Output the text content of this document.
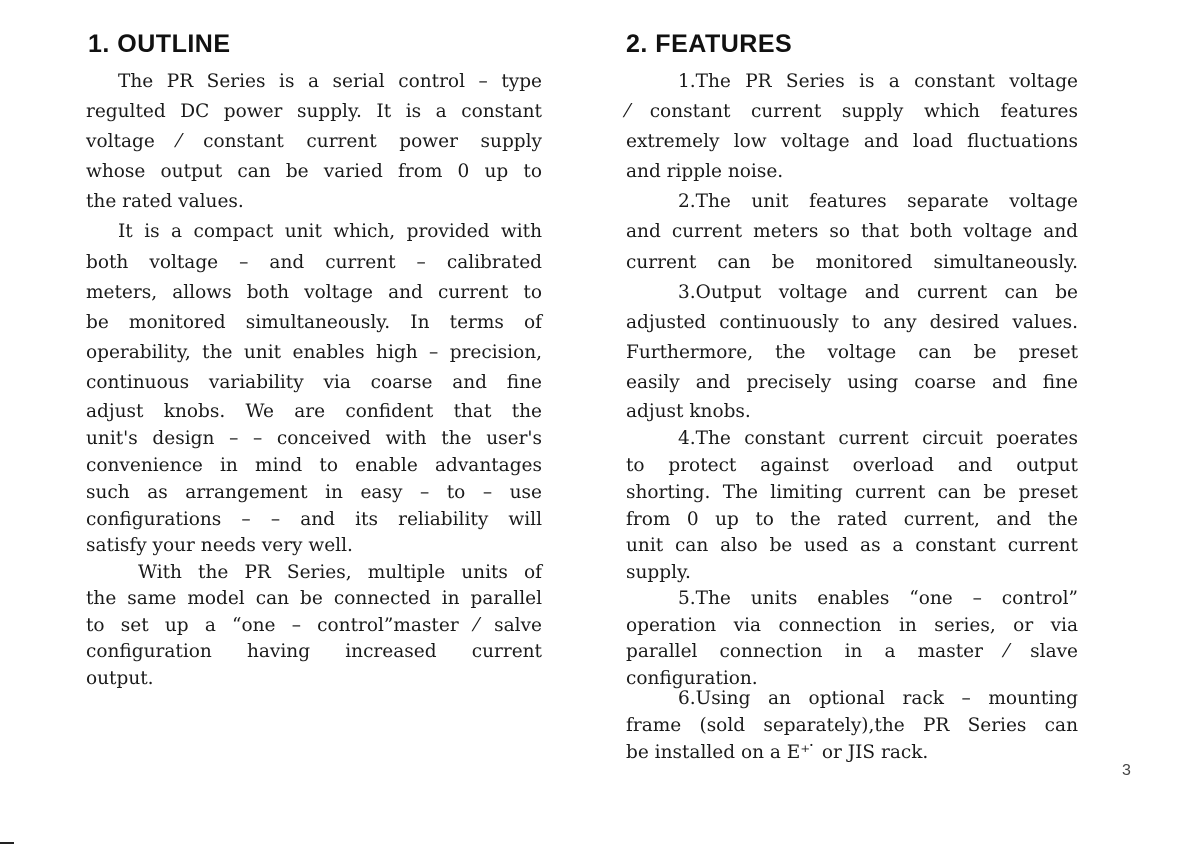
1. OUTLINE
The PR Series is a serial control – type
regulted DC power supply. It is a constant
voltage ⁄ constant current power supply
whose output can be varied from 0 up to
the rated values.
It is a compact unit which, provided with
both voltage – and current – calibrated
meters, allows both voltage and current to
be monitored simultaneously. In terms of
operability, the unit enables high – precision,
continuous variability via coarse and fine
adjust knobs. We are confident that the
unit's design – – conceived with the user's
convenience in mind to enable advantages
such as arrangement in easy – to – use
configurations – – and its reliability will
satisfy your needs very well.
With the PR Series, multiple units of
the same model can be connected in parallel
to set up a “one – control”master ⁄ salve
configuration having increased current
output.
2. FEATURES
1.The PR Series is a constant voltage
⁄ constant current supply which features
extremely low voltage and load fluctuations
and ripple noise.
2.The unit features separate voltage
and current meters so that both voltage and
current can be monitored simultaneously.
3.Output voltage and current can be
adjusted continuously to any desired values.
Furthermore, the voltage can be preset
easily and precisely using coarse and fine
adjust knobs.
4.The constant current circuit poerates
to protect against overload and output
shorting. The limiting current can be preset
from 0 up to the rated current, and the
unit can also be used as a constant current
supply.
5.The units enables “one – control”
operation via connection in series, or via
parallel connection in a master ⁄ slave
configuration.
6.Using an optional rack – mounting
frame (sold separately),the PR Series can
be installed on a E⁺ ̇ or JIS rack.
3
